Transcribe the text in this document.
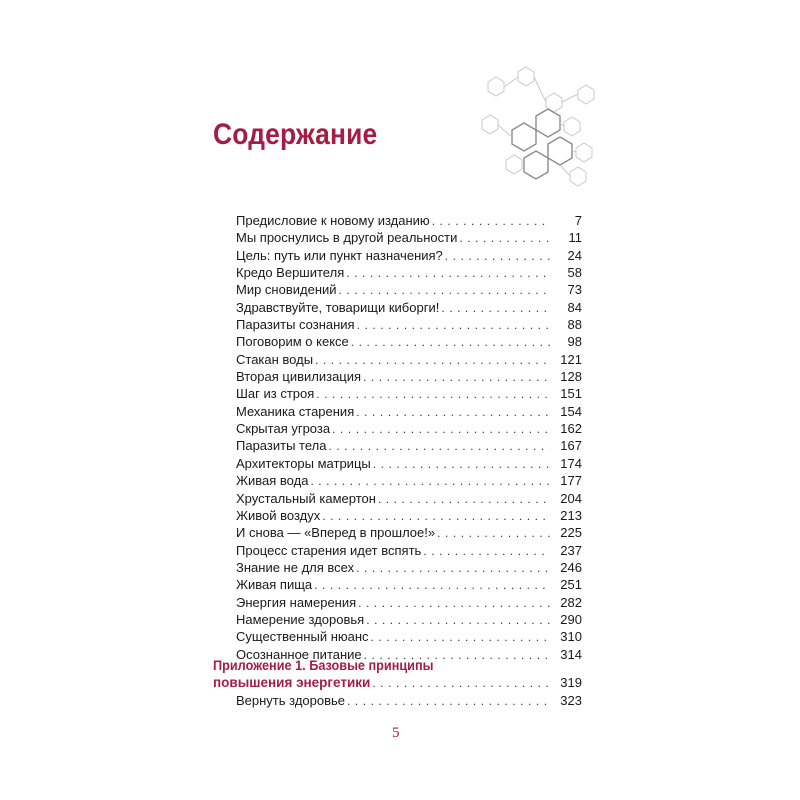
Содержание
Предисловие к новому изданию . . .	7
Мы проснулись в другой реальности . . .	11
Цель: путь или пункт назначения? . . .	24
Кредо Вершителя . . .	58
Мир сновидений . . .	73
Здравствуйте, товарищи киборги! . . .	84
Паразиты сознания . . .	88
Поговорим о кексе . . .	98
Стакан воды . . .	121
Вторая цивилизация . . .	128
Шаг из строя . . .	151
Механика старения . . .	154
Скрытая угроза . . .	162
Паразиты тела . . .	167
Архитекторы матрицы . . .	174
Живая вода . . .	177
Хрустальный камертон . . .	204
Живой воздух . . .	213
И снова — «Вперед в прошлое!» . . .	225
Процесс старения идет вспять . . .	237
Знание не для всех . . .	246
Живая пища . . .	251
Энергия намерения . . .	282
Намерение здоровья . . .	290
Существенный нюанс . . .	310
Осознанное питание . . .	314
Приложение 1. Базовые принципы
повышения энергетики . . .	319
Вернуть здоровье . . .	323
5
